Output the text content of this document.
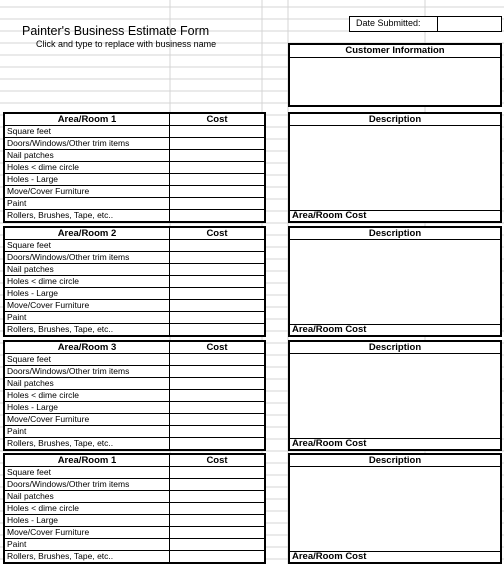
Painter's Business Estimate Form
Click and type to replace with business name
Date Submitted:
Customer Information
Area/Room 1	Cost
Square feet
Doors/Windows/Other trim items
Nail patches
Holes < dime circle
Holes - Large
Move/Cover Furniture
Paint
Rollers, Brushes, Tape, etc..
Description
Area/Room Cost
Area/Room 2	Cost
Square feet
Doors/Windows/Other trim items
Nail patches
Holes < dime circle
Holes - Large
Move/Cover Furniture
Paint
Rollers, Brushes, Tape, etc..
Description
Area/Room Cost
Area/Room 3	Cost
Square feet
Doors/Windows/Other trim items
Nail patches
Holes < dime circle
Holes - Large
Move/Cover Furniture
Paint
Rollers, Brushes, Tape, etc..
Description
Area/Room Cost
Area/Room 1	Cost
Square feet
Doors/Windows/Other trim items
Nail patches
Holes < dime circle
Holes - Large
Move/Cover Furniture
Paint
Rollers, Brushes, Tape, etc..
Description
Area/Room Cost
